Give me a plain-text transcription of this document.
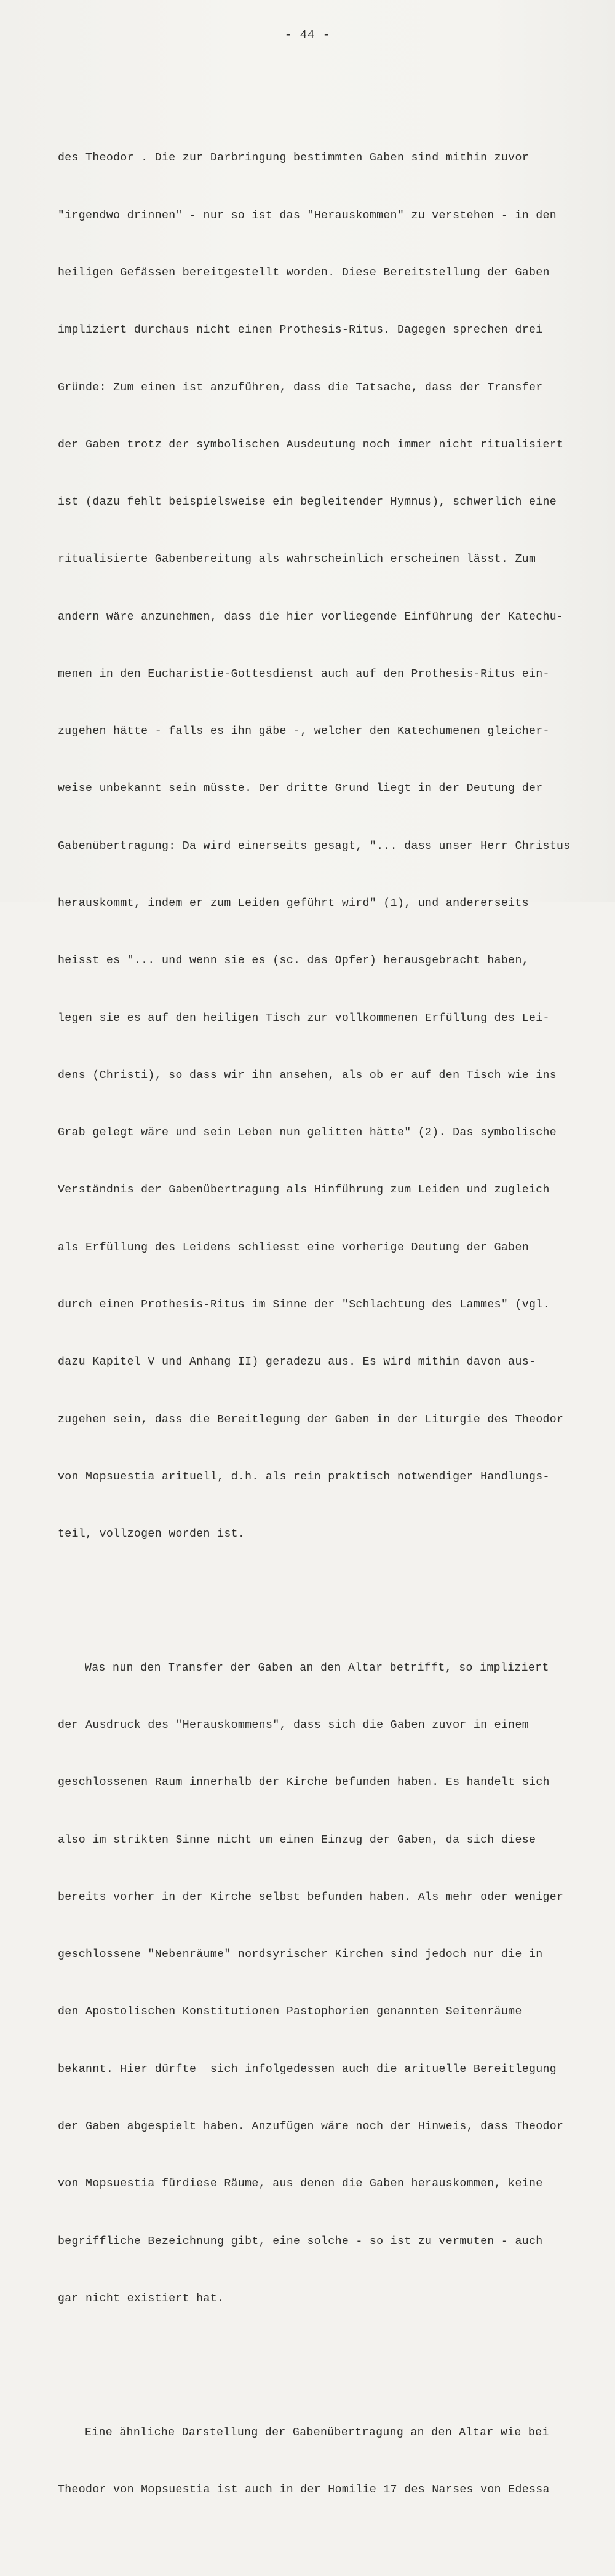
- 44 -

des Theodor . Die zur Darbringung bestimmten Gaben sind mithin zuvor

"irgendwo drinnen" - nur so ist das "Herauskommen" zu verstehen - in den

heiligen Gefässen bereitgestellt worden. Diese Bereitstellung der Gaben

impliziert durchaus nicht einen Prothesis-Ritus. Dagegen sprechen drei

Gründe: Zum einen ist anzuführen, dass die Tatsache, dass der Transfer

der Gaben trotz der symbolischen Ausdeutung noch immer nicht ritualisiert

ist (dazu fehlt beispielsweise ein begleitender Hymnus), schwerlich eine

ritualisierte Gabenbereitung als wahrscheinlich erscheinen lässt. Zum

andern wäre anzunehmen, dass die hier vorliegende Einführung der Katechu-

menen in den Eucharistie-Gottesdienst auch auf den Prothesis-Ritus ein-

zugehen hätte - falls es ihn gäbe -, welcher den Katechumenen gleicher-

weise unbekannt sein müsste. Der dritte Grund liegt in der Deutung der

Gabenübertragung: Da wird einerseits gesagt, "... dass unser Herr Christus

herauskommt, indem er zum Leiden geführt wird" (1), und andererseits

heisst es "... und wenn sie es (sc. das Opfer) herausgebracht haben,

legen sie es auf den heiligen Tisch zur vollkommenen Erfüllung des Lei-

dens (Christi), so dass wir ihn ansehen, als ob er auf den Tisch wie ins

Grab gelegt wäre und sein Leben nun gelitten hätte" (2). Das symbolische

Verständnis der Gabenübertragung als Hinführung zum Leiden und zugleich

als Erfüllung des Leidens schliesst eine vorherige Deutung der Gaben

durch einen Prothesis-Ritus im Sinne der "Schlachtung des Lammes" (vgl.

dazu Kapitel V und Anhang II) geradezu aus. Es wird mithin davon aus-

zugehen sein, dass die Bereitlegung der Gaben in der Liturgie des Theodor

von Mopsuestia arituell, d.h. als rein praktisch notwendiger Handlungs-

teil, vollzogen worden ist.

Was nun den Transfer der Gaben an den Altar betrifft, so impliziert

der Ausdruck des "Herauskommens", dass sich die Gaben zuvor in einem

geschlossenen Raum innerhalb der Kirche befunden haben. Es handelt sich

also im strikten Sinne nicht um einen Einzug der Gaben, da sich diese

bereits vorher in der Kirche selbst befunden haben. Als mehr oder weniger

geschlossene "Nebenräume" nordsyrischer Kirchen sind jedoch nur die in

den Apostolischen Konstitutionen Pastophorien genannten Seitenräume

bekannt. Hier dürfte  sich infolgedessen auch die arituelle Bereitlegung

der Gaben abgespielt haben. Anzufügen wäre noch der Hinweis, dass Theodor

von Mopsuestia fürdiese Räume, aus denen die Gaben herauskommen, keine

begriffliche Bezeichnung gibt, eine solche - so ist zu vermuten - auch

gar nicht existiert hat.

Eine ähnliche Darstellung der Gabenübertragung an den Altar wie bei

Theodor von Mopsuestia ist auch in der Homilie 17 des Narses von Edessa
